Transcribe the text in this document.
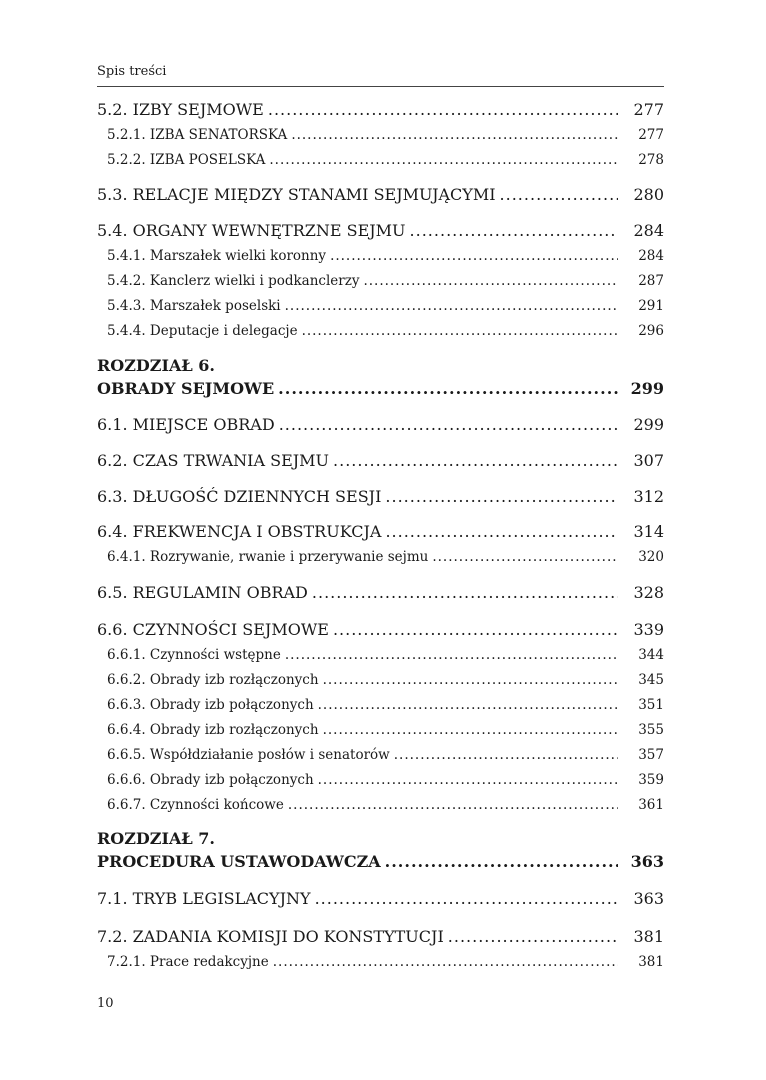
Spis treści
5.2. IZBY SEJMOWE .....	277
5.2.1. IZBA SENATORSKA .....	277
5.2.2. IZBA POSELSKA .....	278
5.3. RELACJE MIĘDZY STANAMI SEJMUJĄCYMI .....	280
5.4. ORGANY WEWNĘTRZNE SEJMU .....	284
5.4.1. Marszałek wielki koronny .....	284
5.4.2. Kanclerz wielki i podkanclerzy .....	287
5.4.3. Marszałek poselski .....	291
5.4.4. Deputacje i delegacje .....	296
ROZDZIAŁ 6.
OBRADY SEJMOWE .....	299
6.1. MIEJSCE OBRAD .....	299
6.2. CZAS TRWANIA SEJMU .....	307
6.3. DŁUGOŚĆ DZIENNYCH SESJI .....	312
6.4. FREKWENCJA I OBSTRUKCJA .....	314
6.4.1. Rozrywanie, rwanie i przerywanie sejmu .....	320
6.5. REGULAMIN OBRAD .....	328
6.6. CZYNNOŚCI SEJMOWE .....	339
6.6.1. Czynności wstępne .....	344
6.6.2. Obrady izb rozłączonych .....	345
6.6.3. Obrady izb połączonych .....	351
6.6.4. Obrady izb rozłączonych .....	355
6.6.5. Współdziałanie posłów i senatorów .....	357
6.6.6. Obrady izb połączonych .....	359
6.6.7. Czynności końcowe .....	361
ROZDZIAŁ 7.
PROCEDURA USTAWODAWCZA .....	363
7.1. TRYB LEGISLACYJNY .....	363
7.2. ZADANIA KOMISJI DO KONSTYTUCJI .....	381
7.2.1. Prace redakcyjne .....	381
10
